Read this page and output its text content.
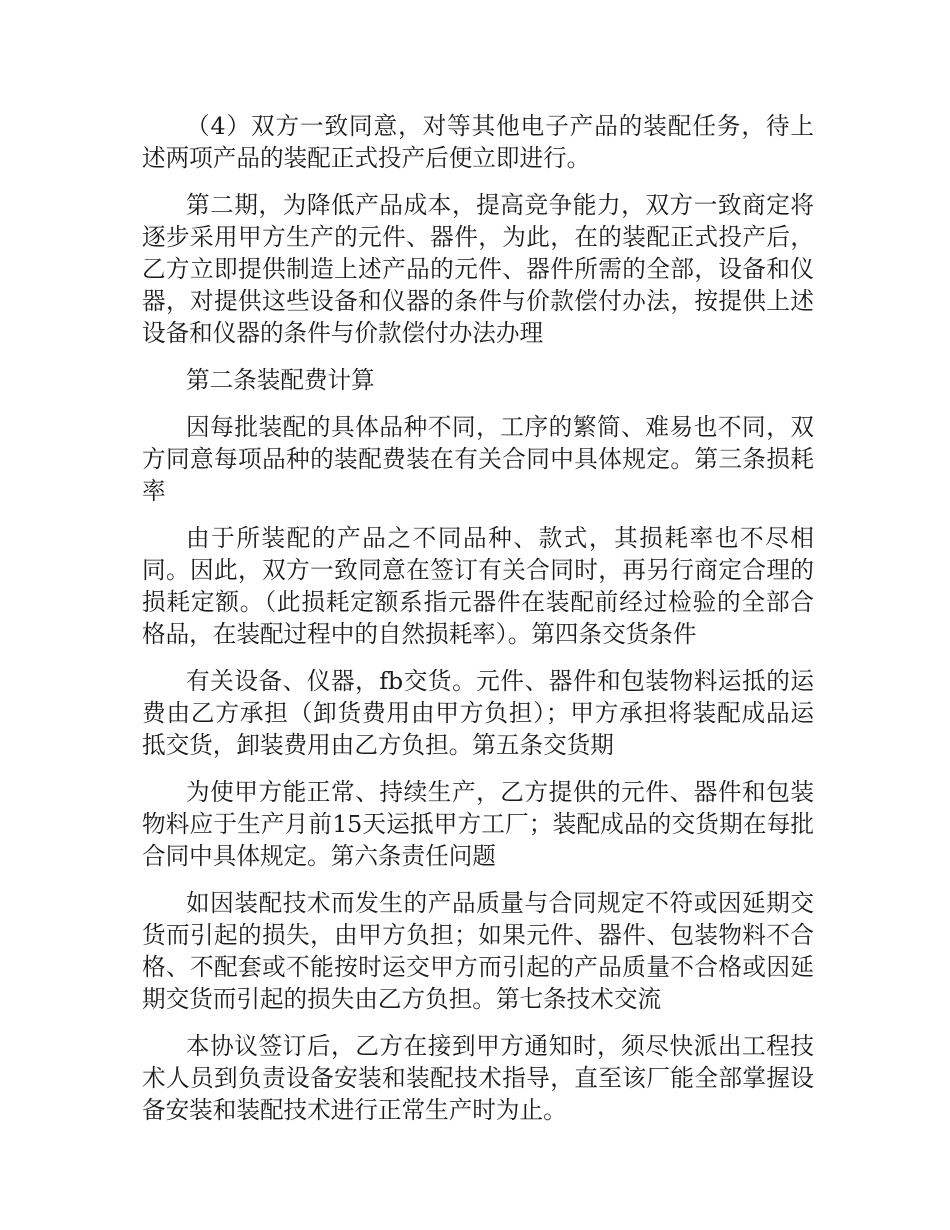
（4）双方一致同意，对等其他电子产品的装配任务，待上述两项产品的装配正式投产后便立即进行。

第二期，为降低产品成本，提高竞争能力，双方一致商定将逐步采用甲方生产的元件、器件，为此，在的装配正式投产后，乙方立即提供制造上述产品的元件、器件所需的全部，设备和仪器，对提供这些设备和仪器的条件与价款偿付办法，按提供上述设备和仪器的条件与价款偿付办法办理

第二条装配费计算

因每批装配的具体品种不同，工序的繁简、难易也不同，双方同意每项品种的装配费装在有关合同中具体规定。第三条损耗率

由于所装配的产品之不同品种、款式，其损耗率也不尽相同。因此，双方一致同意在签订有关合同时，再另行商定合理的损耗定额。（此损耗定额系指元器件在装配前经过检验的全部合格品，在装配过程中的自然损耗率）。第四条交货条件

有关设备、仪器，fb交货。元件、器件和包装物料运抵的运费由乙方承担（卸货费用由甲方负担）；甲方承担将装配成品运抵交货，卸装费用由乙方负担。第五条交货期

为使甲方能正常、持续生产，乙方提供的元件、器件和包装物料应于生产月前15天运抵甲方工厂；装配成品的交货期在每批合同中具体规定。第六条责任问题

如因装配技术而发生的产品质量与合同规定不符或因延期交货而引起的损失，由甲方负担；如果元件、器件、包装物料不合格、不配套或不能按时运交甲方而引起的产品质量不合格或因延期交货而引起的损失由乙方负担。第七条技术交流

本协议签订后，乙方在接到甲方通知时，须尽快派出工程技术人员到负责设备安装和装配技术指导，直至该厂能全部掌握设备安装和装配技术进行正常生产时为止。
